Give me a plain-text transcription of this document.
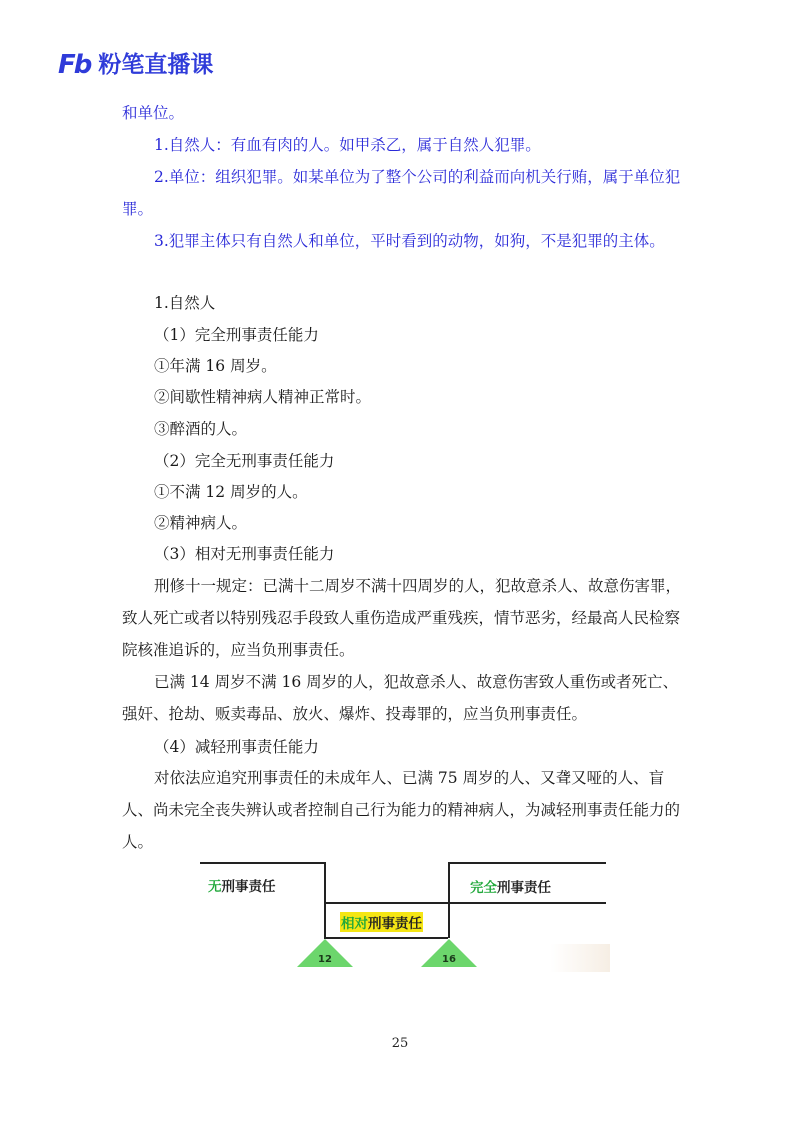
Fb 粉笔直播课

和单位。

1.自然人：有血有肉的人。如甲杀乙，属于自然人犯罪。

2.单位：组织犯罪。如某单位为了整个公司的利益而向机关行贿，属于单位犯罪。

3.犯罪主体只有自然人和单位，平时看到的动物，如狗，不是犯罪的主体。

1.自然人

（1）完全刑事责任能力

①年满 16 周岁。

②间歇性精神病人精神正常时。

③醉酒的人。

（2）完全无刑事责任能力

①不满 12 周岁的人。

②精神病人。

（3）相对无刑事责任能力

刑修十一规定：已满十二周岁不满十四周岁的人，犯故意杀人、故意伤害罪，致人死亡或者以特别残忍手段致人重伤造成严重残疾，情节恶劣，经最高人民检察院核准追诉的，应当负刑事责任。

已满 14 周岁不满 16 周岁的人，犯故意杀人、故意伤害致人重伤或者死亡、强奸、抢劫、贩卖毒品、放火、爆炸、投毒罪的，应当负刑事责任。

（4）减轻刑事责任能力

对依法应追究刑事责任的未成年人、已满 75 周岁的人、又聋又哑的人、盲人、尚未完全丧失辨认或者控制自己行为能力的精神病人，为减轻刑事责任能力的人。

无刑事责任
相对刑事责任
完全刑事责任
12	16
25
